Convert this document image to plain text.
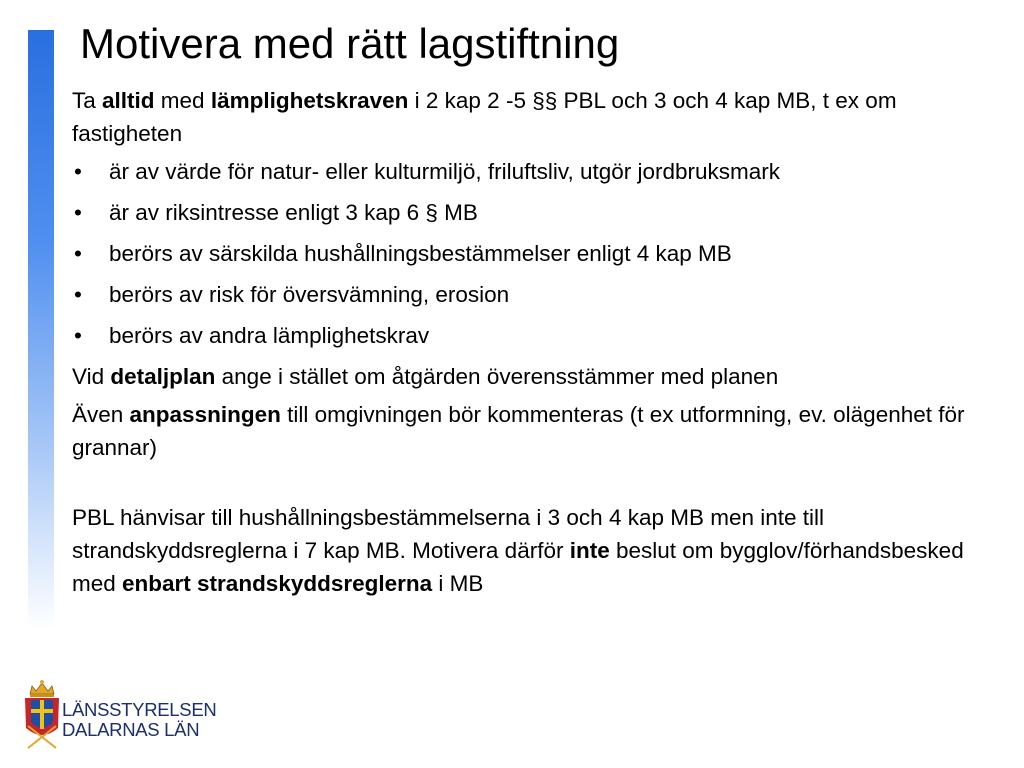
Motivera med rätt lagstiftning

Ta alltid med lämplighetskraven i 2 kap 2 -5 §§ PBL och 3 och 4 kap MB, t ex om fastigheten

• är av värde för natur- eller kulturmiljö, friluftsliv, utgör jordbruksmark
• är av riksintresse enligt 3 kap 6 § MB
• berörs av särskilda hushållningsbestämmelser enligt 4 kap MB
• berörs av risk för översvämning, erosion
• berörs av andra lämplighetskrav

Vid detaljplan ange i stället om åtgärden överensstämmer med planen

Även anpassningen till omgivningen bör kommenteras (t ex utformning, ev. olägenhet för grannar)

PBL hänvisar till hushållningsbestämmelserna i 3 och 4 kap MB men inte till strandskyddsreglerna i 7 kap MB. Motivera därför inte beslut om bygglov/förhandsbesked med enbart strandskyddsreglerna i MB

LÄNSSTYRELSEN
DALARNAS LÄN
